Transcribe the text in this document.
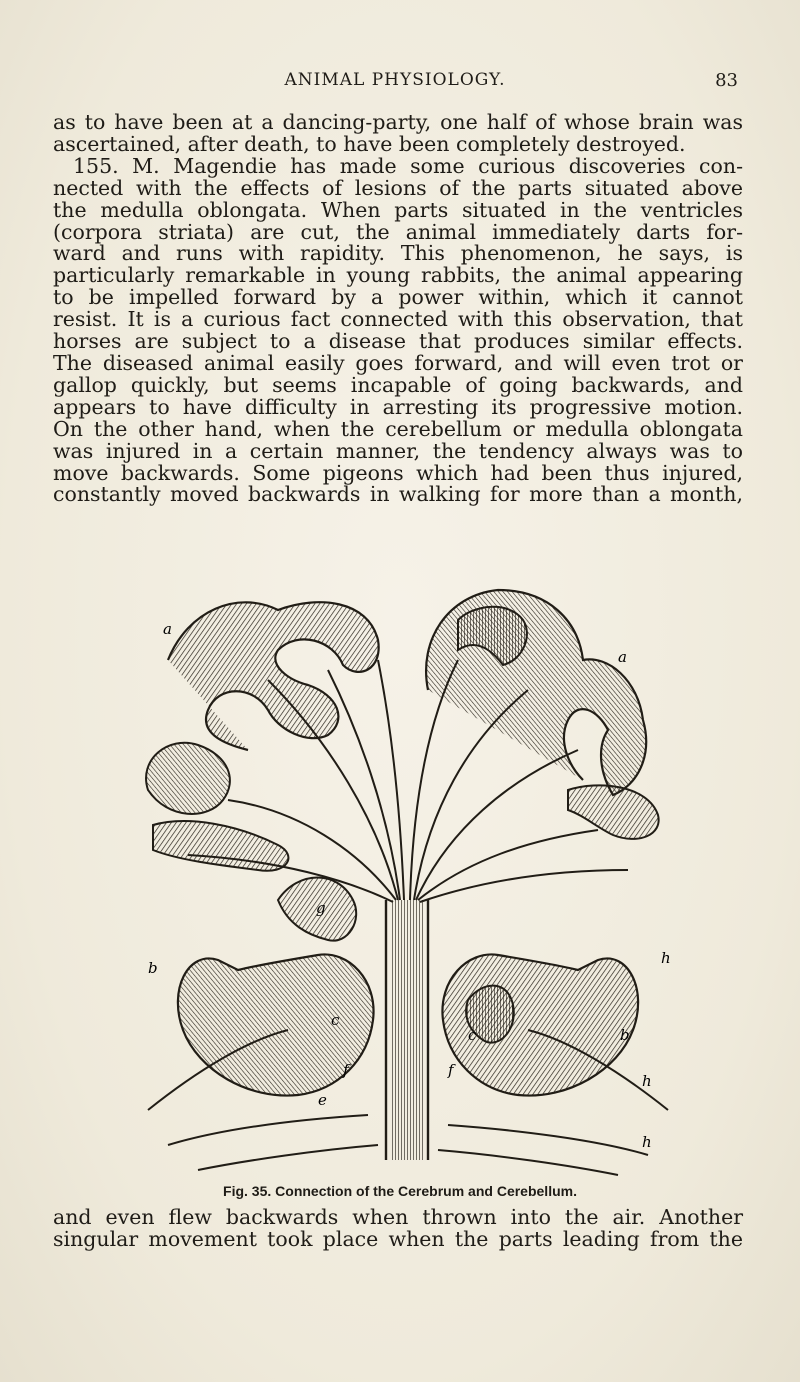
ANIMAL PHYSIOLOGY.	83
as to have been at a dancing-party, one half of whose brain was
ascertained, after death, to have been completely destroyed.
155. M. Magendie has made some curious discoveries con-
nected with the effects of lesions of the parts situated above
the medulla oblongata. When parts situated in the ventricles
(corpora striata) are cut, the animal immediately darts for-
ward and runs with rapidity. This phenomenon, he says, is
particularly remarkable in young rabbits, the animal appearing
to be impelled forward by a power within, which it cannot
resist. It is a curious fact connected with this observation, that
horses are subject to a disease that produces similar effects.
The diseased animal easily goes forward, and will even trot or
gallop quickly, but seems incapable of going backwards, and
appears to have difficulty in arresting its progressive motion.
On the other hand, when the cerebellum or medulla oblongata
was injured in a certain manner, the tendency always was to
move backwards. Some pigeons which had been thus injured,
constantly moved backwards in walking for more than a month,
a
a
b
b
h
h
h
c
c
f	f
e
g
Fig. 35. Connection of the Cerebrum and Cerebellum.
and even flew backwards when thrown into the air. Another
singular movement took place when the parts leading from the
